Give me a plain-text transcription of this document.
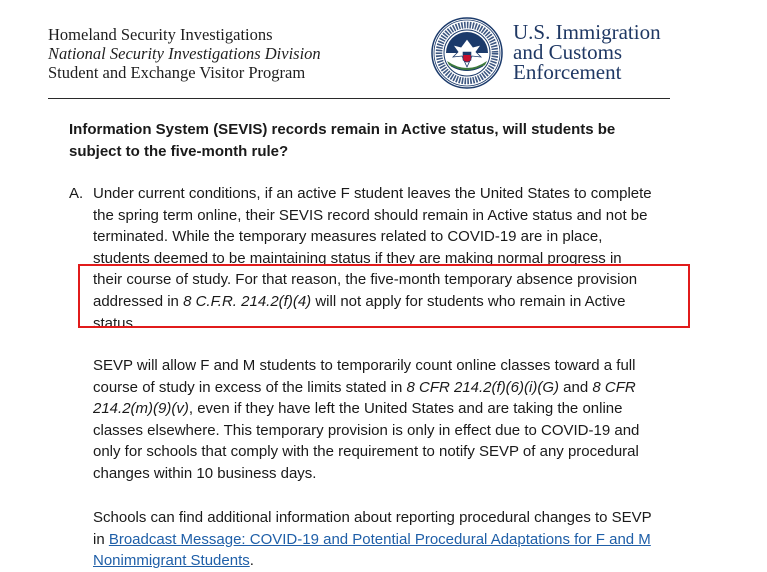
Homeland Security Investigations
National Security Investigations Division
Student and Exchange Visitor Program
U.S. Immigration
and Customs
Enforcement
Information System (SEVIS) records remain in Active status, will students be
subject to the five-month rule?
A. Under current conditions, if an active F student leaves the United States to complete
the spring term online, their SEVIS record should remain in Active status and not be
terminated. While the temporary measures related to COVID-19 are in place,
students deemed to be maintaining status if they are making normal progress in
their course of study. For that reason, the five-month temporary absence provision
addressed in 8 C.F.R. 214.2(f)(4) will not apply for students who remain in Active
status.
SEVP will allow F and M students to temporarily count online classes toward a full
course of study in excess of the limits stated in 8 CFR 214.2(f)(6)(i)(G) and 8 CFR
214.2(m)(9)(v), even if they have left the United States and are taking the online
classes elsewhere. This temporary provision is only in effect due to COVID-19 and
only for schools that comply with the requirement to notify SEVP of any procedural
changes within 10 business days.
Schools can find additional information about reporting procedural changes to SEVP
in Broadcast Message: COVID-19 and Potential Procedural Adaptations for F and M
Nonimmigrant Students.
